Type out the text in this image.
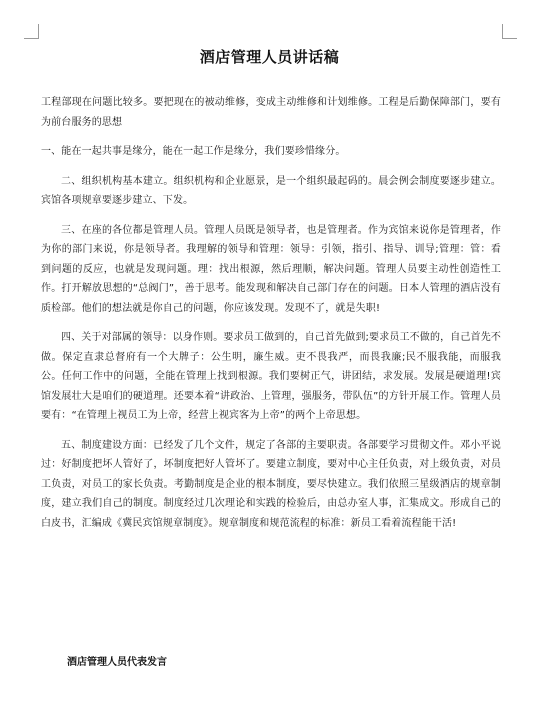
酒店管理人员讲话稿

工程部现在问题比较多。要把现在的被动维修，变成主动维修和计划维修。工程是后勤保障部门，要有为前台服务的思想

一、能在一起共事是缘分，能在一起工作是缘分，我们要珍惜缘分。

二、组织机构基本建立。组织机构和企业愿景，是一个组织最起码的。晨会例会制度要逐步建立。宾馆各项规章要逐步建立、下发。

三、在座的各位都是管理人员。管理人员既是领导者，也是管理者。作为宾馆来说你是管理者，作为你的部门来说，你是领导者。我理解的领导和管理：领导：引领，指引、指导、训导;管理：管：看到问题的反应，也就是发现问题。理：找出根源，然后理顺，解决问题。管理人员要主动性创造性工作。打开解放思想的“总阀门”，善于思考。能发现和解决自己部门存在的问题。日本人管理的酒店没有质检部。他们的想法就是你自己的问题，你应该发现。发现不了，就是失职!

四、关于对部属的领导：以身作则。要求员工做到的，自己首先做到;要求员工不做的，自己首先不做。保定直隶总督府有一个大牌子：公生明，廉生威。吏不畏我严，而畏我廉;民不服我能，而服我公。任何工作中的问题，全能在管理上找到根源。我们要树正气，讲团结，求发展。发展是硬道理!宾馆发展壮大是咱们的硬道理。还要本着“讲政治、上管理，强服务，带队伍”的方针开展工作。管理人员要有：“在管理上视员工为上帝，经营上视宾客为上帝”的两个上帝思想。

五、制度建设方面：已经发了几个文件，规定了各部的主要职责。各部要学习贯彻文件。邓小平说过：好制度把坏人管好了，坏制度把好人管坏了。要建立制度，要对中心主任负责，对上级负责，对员工负责，对员工的家长负责。考勤制度是企业的根本制度，要尽快建立。我们依照三星级酒店的规章制度，建立我们自己的制度。制度经过几次理论和实践的检验后，由总办室人事，汇集成文。形成自己的白皮书，汇编成《冀民宾馆规章制度》。规章制度和规范流程的标准：新员工看着流程能干活!

酒店管理人员代表发言
